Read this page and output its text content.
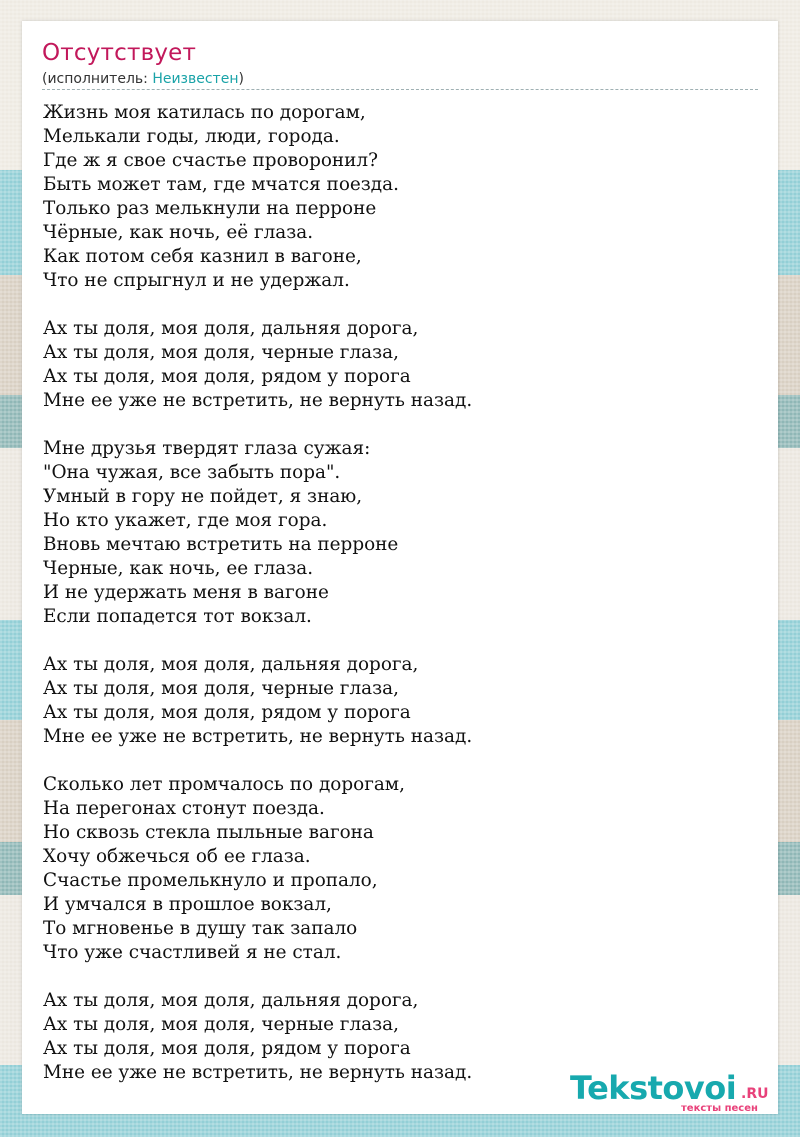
Отсутствует
(исполнитель: Неизвестен)
Жизнь моя катилась по дорогам,
Мелькали годы, люди, города.
Где ж я свое счастье проворонил?
Быть может там, где мчатся поезда.
Только раз мелькнули на перроне
Чёрные, как ночь, её глаза.
Как потом себя казнил в вагоне,
Что не спрыгнул и не удержал.
Ах ты доля, моя доля, дальняя дорога,
Ах ты доля, моя доля, черные глаза,
Ах ты доля, моя доля, рядом у порога
Мне ее уже не встретить, не вернуть назад.
Мне друзья твердят глаза сужая:
"Она чужая, все забыть пора".
Умный в гору не пойдет, я знаю,
Но кто укажет, где моя гора.
Вновь мечтаю встретить на перроне
Черные, как ночь, ее глаза.
И не удержать меня в вагоне
Если попадется тот вокзал.
Ах ты доля, моя доля, дальняя дорога,
Ах ты доля, моя доля, черные глаза,
Ах ты доля, моя доля, рядом у порога
Мне ее уже не встретить, не вернуть назад.
Сколько лет промчалось по дорогам,
На перегонах стонут поезда.
Но сквозь стекла пыльные вагона
Хочу обжечься об ее глаза.
Счастье промелькнуло и пропало,
И умчался в прошлое вокзал,
То мгновенье в душу так запало
Что уже счастливей я не стал.
Ах ты доля, моя доля, дальняя дорога,
Ах ты доля, моя доля, черные глаза,
Ах ты доля, моя доля, рядом у порога
Мне ее уже не встретить, не вернуть назад.	Tekstovoi .RU
тексты песен
